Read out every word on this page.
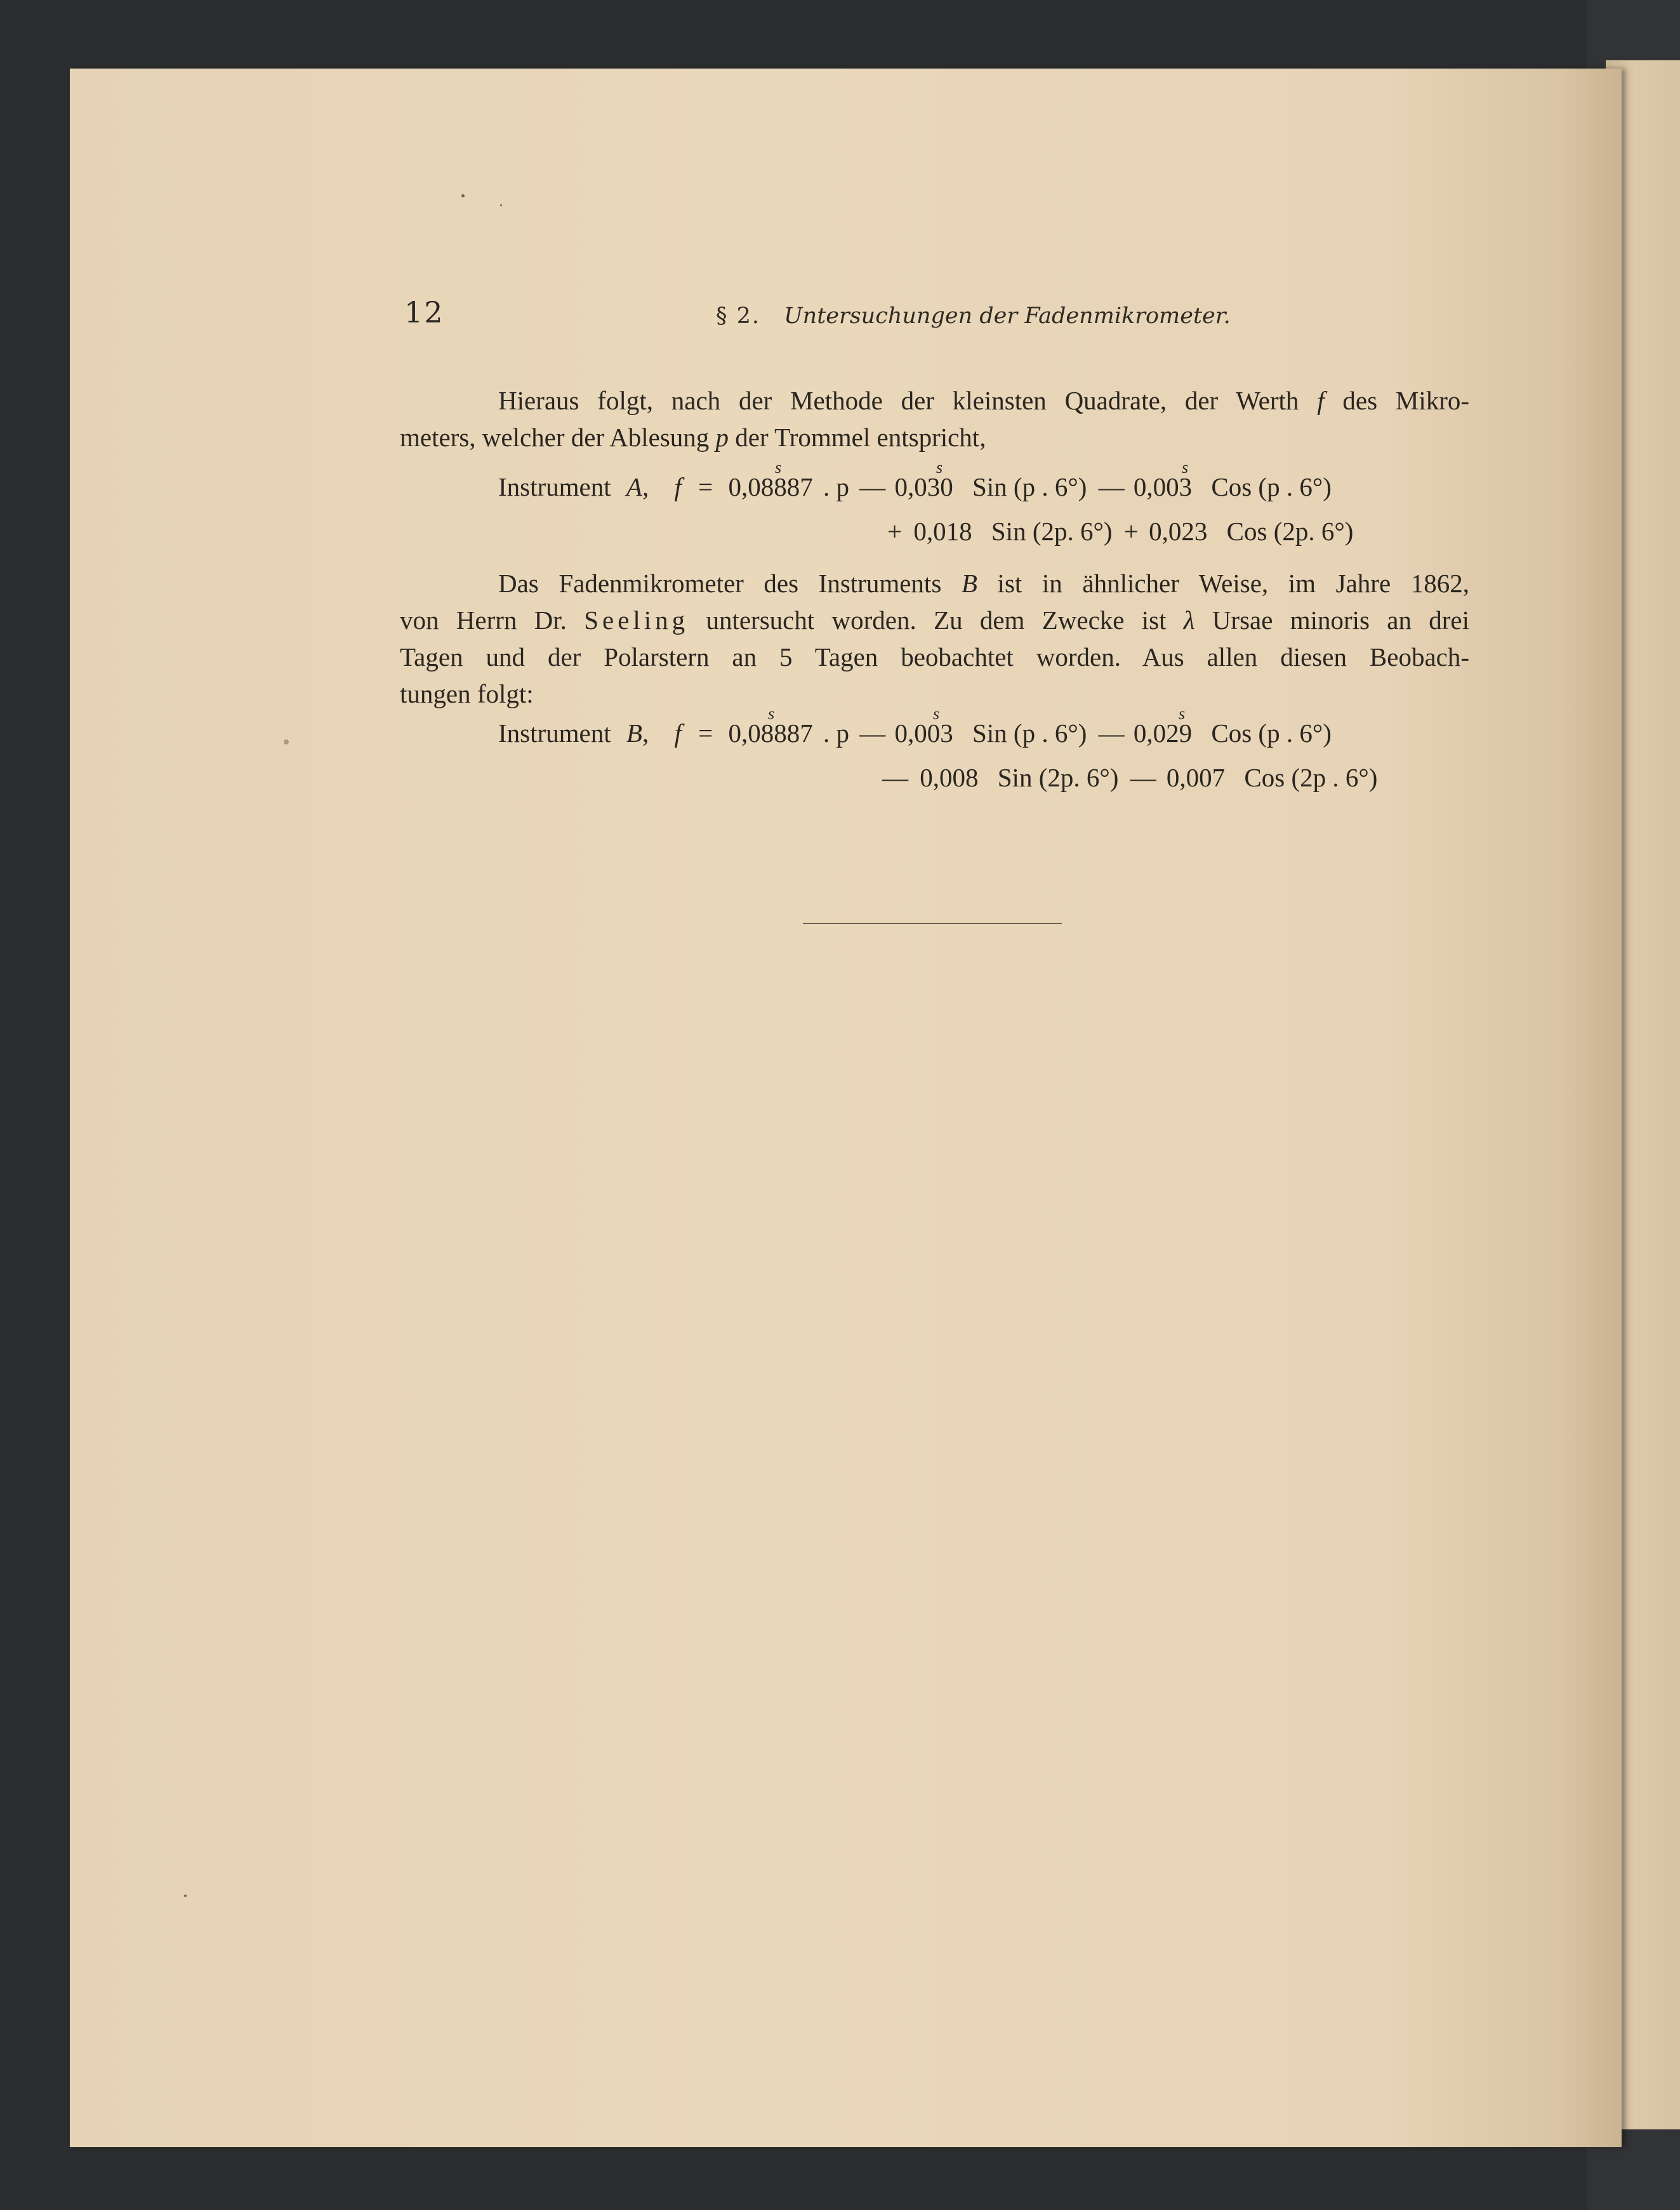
12	§ 2. Untersuchungen der Fadenmikrometer.
Hieraus folgt, nach der Methode der kleinsten Quadrate, der Werth f des Mikro-
meters, welcher der Ablesung p der Trommel entspricht,
Instrument A, f = 0,08887 . p — 0,030 Sin (p . 6°) — 0,003 Cos (p . 6°)
s	s	s
+ 0,018 Sin (2p. 6°) + 0,023 Cos (2p. 6°)
Das Fadenmikrometer des Instruments B ist in ähnlicher Weise, im Jahre 1862,
von Herrn Dr. Seeling untersucht worden. Zu dem Zwecke ist λ Ursae minoris an drei
Tagen und der Polarstern an 5 Tagen beobachtet worden. Aus allen diesen Beobach-
tungen folgt:
Instrument B, f = 0,08887 . p — 0,003 Sin (p . 6°) — 0,029 Cos (p . 6°)
s	s	s
— 0,008 Sin (2p. 6°) — 0,007 Cos (2p . 6°)
